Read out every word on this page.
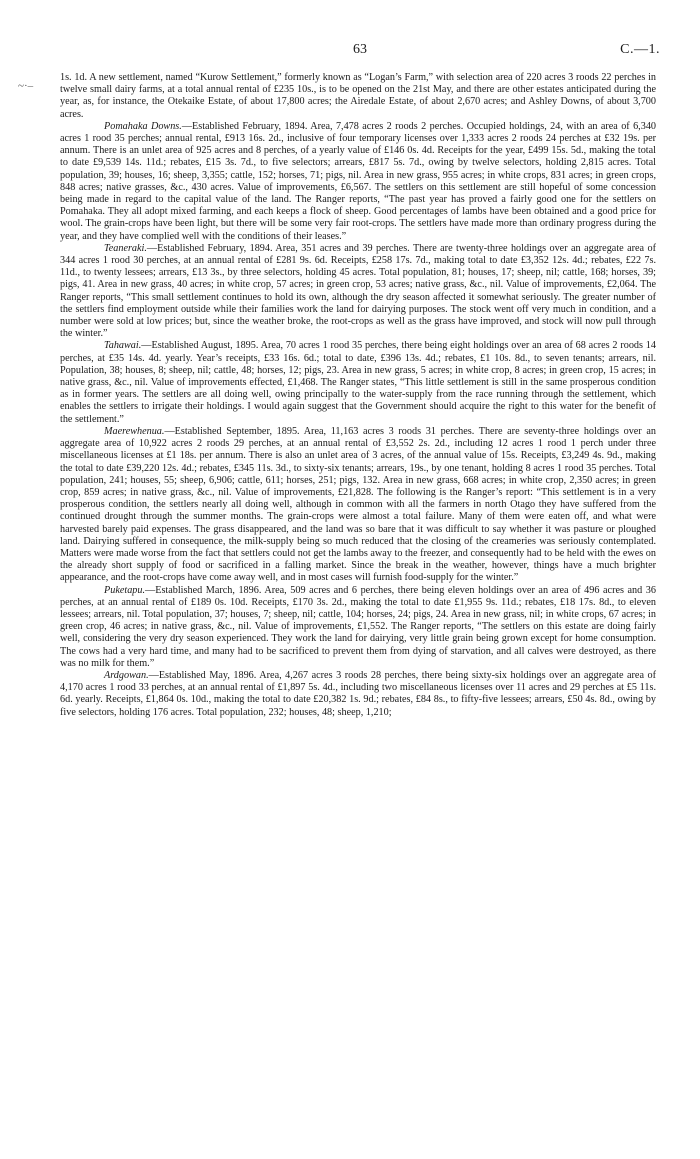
63	C.—1.
~·–

1s. 1d. A new settlement, named “Kurow Settlement,” formerly known as “Logan’s Farm,” with selection area of 220 acres 3 roods 22 perches in twelve small dairy farms, at a total annual rental of £235 10s., is to be opened on the 21st May, and there are other estates anticipated during the year, as, for instance, the Otekaike Estate, of about 17,800 acres; the Airedale Estate, of about 2,670 acres; and Ashley Downs, of about 3,700 acres.

Pomahaka Downs.—Established February, 1894. Area, 7,478 acres 2 roods 2 perches. Occupied holdings, 24, with an area of 6,340 acres 1 rood 35 perches; annual rental, £913 16s. 2d., inclusive of four temporary licenses over 1,333 acres 2 roods 24 perches at £32 19s. per annum. There is an unlet area of 925 acres and 8 perches, of a yearly value of £146 0s. 4d. Receipts for the year, £499 15s. 5d., making the total to date £9,539 14s. 11d.; rebates, £15 3s. 7d., to five selectors; arrears, £817 5s. 7d., owing by twelve selectors, holding 2,815 acres. Total population, 39; houses, 16; sheep, 3,355; cattle, 152; horses, 71; pigs, nil. Area in new grass, 955 acres; in white crops, 831 acres; in green crops, 848 acres; native grasses, &c., 430 acres. Value of improvements, £6,567. The settlers on this settlement are still hopeful of some concession being made in regard to the capital value of the land. The Ranger reports, “The past year has proved a fairly good one for the settlers on Pomahaka. They all adopt mixed farming, and each keeps a flock of sheep. Good percentages of lambs have been obtained and a good price for wool. The grain-crops have been light, but there will be some very fair root-crops. The settlers have made more than ordinary progress during the year, and they have complied well with the conditions of their leases.”

Teaneraki.—Established February, 1894. Area, 351 acres and 39 perches. There are twenty-three holdings over an aggregate area of 344 acres 1 rood 30 perches, at an annual rental of £281 9s. 6d. Receipts, £258 17s. 7d., making total to date £3,352 12s. 4d.; rebates, £22 7s. 11d., to twenty lessees; arrears, £13 3s., by three selectors, holding 45 acres. Total population, 81; houses, 17; sheep, nil; cattle, 168; horses, 39; pigs, 41. Area in new grass, 40 acres; in white crop, 57 acres; in green crop, 53 acres; native grass, &c., nil. Value of improvements, £2,064. The Ranger reports, “This small settlement continues to hold its own, although the dry season affected it somewhat seriously. The greater number of the settlers find employment outside while their families work the land for dairying purposes. The stock went off very much in condition, and a number were sold at low prices; but, since the weather broke, the root-crops as well as the grass have improved, and stock will now pull through the winter.”

Tahawai.—Established August, 1895. Area, 70 acres 1 rood 35 perches, there being eight holdings over an area of 68 acres 2 roods 14 perches, at £35 14s. 4d. yearly. Year’s receipts, £33 16s. 6d.; total to date, £396 13s. 4d.; rebates, £1 10s. 8d., to seven tenants; arrears, nil. Population, 38; houses, 8; sheep, nil; cattle, 48; horses, 12; pigs, 23. Area in new grass, 5 acres; in white crop, 8 acres; in green crop, 15 acres; in native grass, &c., nil. Value of improvements effected, £1,468. The Ranger states, “This little settlement is still in the same prosperous condition as in former years. The settlers are all doing well, owing principally to the water-supply from the race running through the settlement, which enables the settlers to irrigate their holdings. I would again suggest that the Government should acquire the right to this water for the benefit of the settlement.”

Maerewhenua.—Established September, 1895. Area, 11,163 acres 3 roods 31 perches. There are seventy-three holdings over an aggregate area of 10,922 acres 2 roods 29 perches, at an annual rental of £3,552 2s. 2d., including 12 acres 1 rood 1 perch under three miscellaneous licenses at £1 18s. per annum. There is also an unlet area of 3 acres, of the annual value of 15s. Receipts, £3,249 4s. 9d., making the total to date £39,220 12s. 4d.; rebates, £345 11s. 3d., to sixty-six tenants; arrears, 19s., by one tenant, holding 8 acres 1 rood 35 perches. Total population, 241; houses, 55; sheep, 6,906; cattle, 611; horses, 251; pigs, 132. Area in new grass, 668 acres; in white crop, 2,350 acres; in green crop, 859 acres; in native grass, &c., nil. Value of improvements, £21,828. The following is the Ranger’s report: “This settlement is in a very prosperous condition, the settlers nearly all doing well, although in common with all the farmers in north Otago they have suffered from the continued drought through the summer months. The grain-crops were almost a total failure. Many of them were eaten off, and what were harvested barely paid expenses. The grass disappeared, and the land was so bare that it was difficult to say whether it was pasture or ploughed land. Dairying suffered in consequence, the milk-supply being so much reduced that the closing of the creameries was seriously contemplated. Matters were made worse from the fact that settlers could not get the lambs away to the freezer, and consequently had to be held with the ewes on the already short supply of food or sacrificed in a falling market. Since the break in the weather, however, things have a much brighter appearance, and the root-crops have come away well, and in most cases will furnish food-supply for the winter.”

Puketapu.—Established March, 1896. Area, 509 acres and 6 perches, there being eleven holdings over an area of 496 acres and 36 perches, at an annual rental of £189 0s. 10d. Receipts, £170 3s. 2d., making the total to date £1,955 9s. 11d.; rebates, £18 17s. 8d., to eleven lessees; arrears, nil. Total population, 37; houses, 7; sheep, nil; cattle, 104; horses, 24; pigs, 24. Area in new grass, nil; in white crops, 67 acres; in green crop, 46 acres; in native grass, &c., nil. Value of improvements, £1,552. The Ranger reports, “The settlers on this estate are doing fairly well, considering the very dry season experienced. They work the land for dairying, very little grain being grown except for home consumption. The cows had a very hard time, and many had to be sacrificed to prevent them from dying of starvation, and all calves were destroyed, as there was no milk for them.”

Ardgowan.—Established May, 1896. Area, 4,267 acres 3 roods 28 perches, there being sixty-six holdings over an aggregate area of 4,170 acres 1 rood 33 perches, at an annual rental of £1,897 5s. 4d., including two miscellaneous licenses over 11 acres and 29 perches at £5 11s. 6d. yearly. Receipts, £1,864 0s. 10d., making the total to date £20,382 1s. 9d.; rebates, £84 8s., to fifty-five lessees; arrears, £50 4s. 8d., owing by five selectors, holding 176 acres. Total population, 232; houses, 48; sheep, 1,210;
